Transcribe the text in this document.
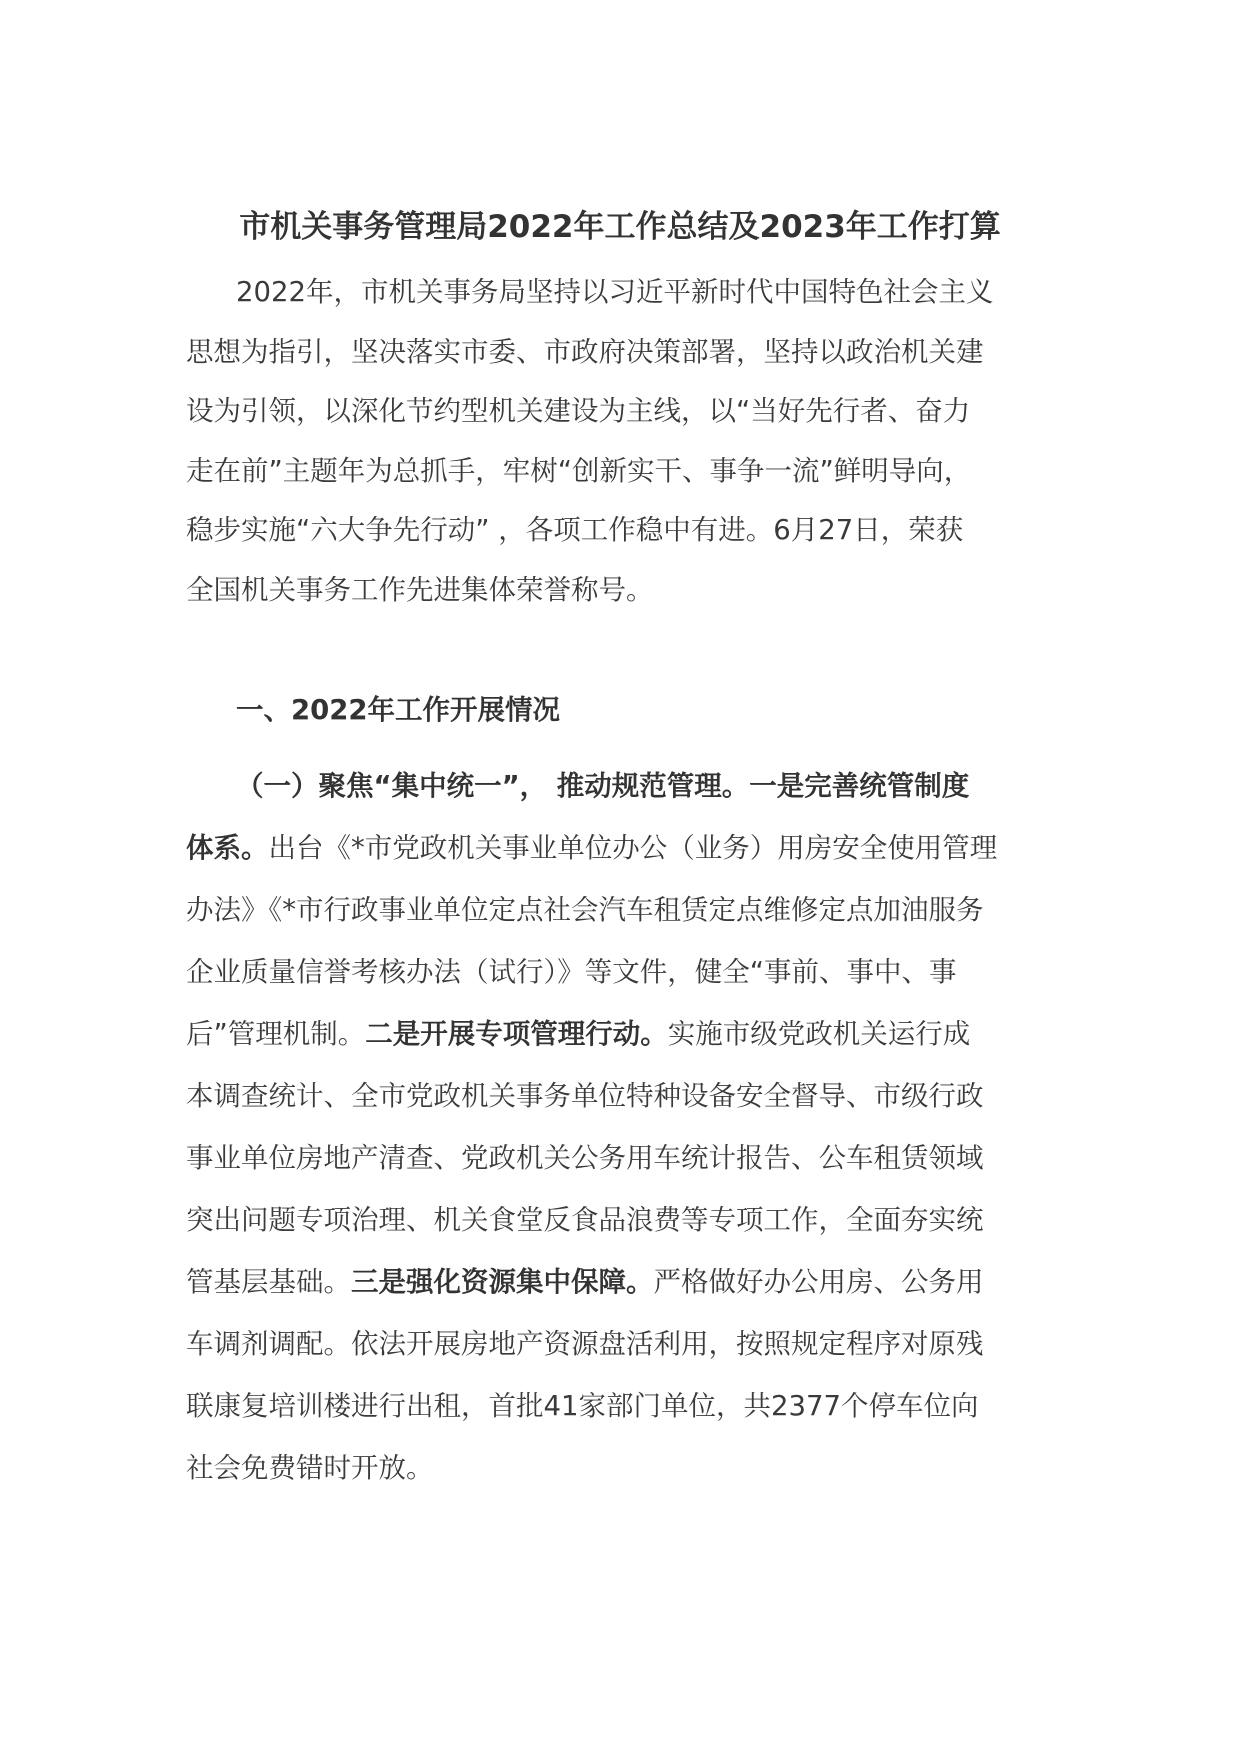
市机关事务管理局2022年工作总结及2023年工作打算
2022年，市机关事务局坚持以习近平新时代中国特色社会主义
思想为指引，坚决落实市委、市政府决策部署，坚持以政治机关建
设为引领，以深化节约型机关建设为主线，以“当好先行者、奋力
走在前”主题年为总抓手，牢树“创新实干、事争一流”鲜明导向，
稳步实施“六大争先行动” ，各项工作稳中有进。6月27日，荣获
全国机关事务工作先进集体荣誉称号。
一、2022年工作开展情况
（一）聚焦“集中统一”， 推动规范管理。一是完善统管制度
体系。出台《*市党政机关事业单位办公（业务）用房安全使用管理
办法》《*市行政事业单位定点社会汽车租赁定点维修定点加油服务
企业质量信誉考核办法（试行）》等文件，健全“事前、事中、事
后”管理机制。二是开展专项管理行动。实施市级党政机关运行成
本调查统计、全市党政机关事务单位特种设备安全督导、市级行政
事业单位房地产清查、党政机关公务用车统计报告、公车租赁领域
突出问题专项治理、机关食堂反食品浪费等专项工作，全面夯实统
管基层基础。三是强化资源集中保障。严格做好办公用房、公务用
车调剂调配。依法开展房地产资源盘活利用，按照规定程序对原残
联康复培训楼进行出租，首批41家部门单位，共2377个停车位向
社会免费错时开放。
